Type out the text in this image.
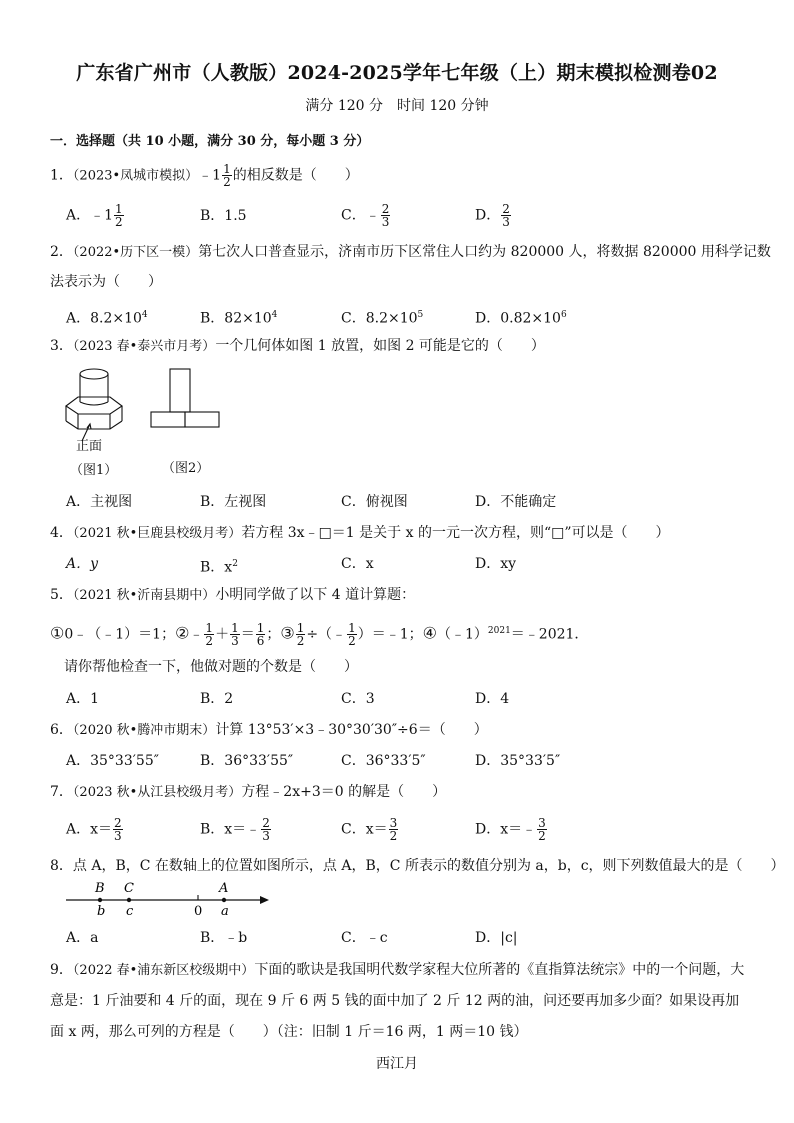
广东省广州市（人教版）2024-2025学年七年级（上）期末模拟检测卷02
满分 120 分　时间 120 分钟
一．选择题（共 10 小题，满分 30 分，每小题 3 分）
1．（2023•凤城市模拟）﹣1 $\frac{1}{2}$ 的相反数是（　　）
A．﹣1 $\frac{1}{2}$	B．1.5	C．﹣ $\frac{2}{3}$	D． $\frac{2}{3}$
2．（2022•历下区一模）第七次人口普查显示，济南市历下区常住人口约为 820000 人，将数据 820000 用科学记数
法表示为（　　）
A．$8.2\times 10^4$	B．$82\times 10^4$	C．$8.2\times 10^5$	D．$0.82\times 10^6$
3．（2023 春•泰兴市月考）一个几何体如图 1 放置，如图 2 可能是它的（　　）
正面
（图1）	（图2）
A．主视图	B．左视图	C．俯视图	D．不能确定
4．（2021 秋•巨鹿县校级月考）若方程 3x﹣□＝1 是关于 x 的一元一次方程，则“□”可以是（　　）
A．y	B．$x^2$	C．x	D．xy
5．（2021 秋•沂南县期中）小明同学做了以下 4 道计算题：
①0﹣（﹣1）＝1；②﹣ $\frac{1}{2} + \frac{1}{3} = \frac{1}{6}$ ；③ $\frac{1}{2}$ ÷（﹣ $\frac{1}{2}$ ）＝﹣1；④（﹣1）$^{2021}$＝﹣2021．
请你帮他检查一下，他做对题的个数是（　　）
A．1	B．2	C．3	D．4
6．（2020 秋•腾冲市期末）计算 13°53′×3﹣30°30′30″÷6＝（　　）
A．35°33′55″	B．36°33′55″	C．36°33′5″	D．35°33′5″
7．（2023 秋•从江县校级月考）方程﹣2x+3＝0 的解是（　　）
A．$x= \frac{2}{3}$	B．x＝﹣ $\frac{2}{3}$	C．$x= \frac{3}{2}$	D．x＝﹣ $\frac{3}{2}$
8．点 A，B，C 在数轴上的位置如图所示，点 A，B，C 所表示的数值分别为 a，b，c，则下列数值最大的是（　　）
B C	A
b c	0 a
A．a	B．﹣b	C．﹣c	D．|c|
9．（2022 春•浦东新区校级期中）下面的歌诀是我国明代数学家程大位所著的《直指算法统宗》中的一个问题，大意是：1 斤油要和 4 斤的面，现在 9 斤 6 两 5 钱的面中加了 2 斤 12 两的油，问还要再加多少面？如果设再加面 x 两，那么可列的方程是（　　）（注：旧制 1 斤＝16 两，1 两＝10 钱）
西江月
